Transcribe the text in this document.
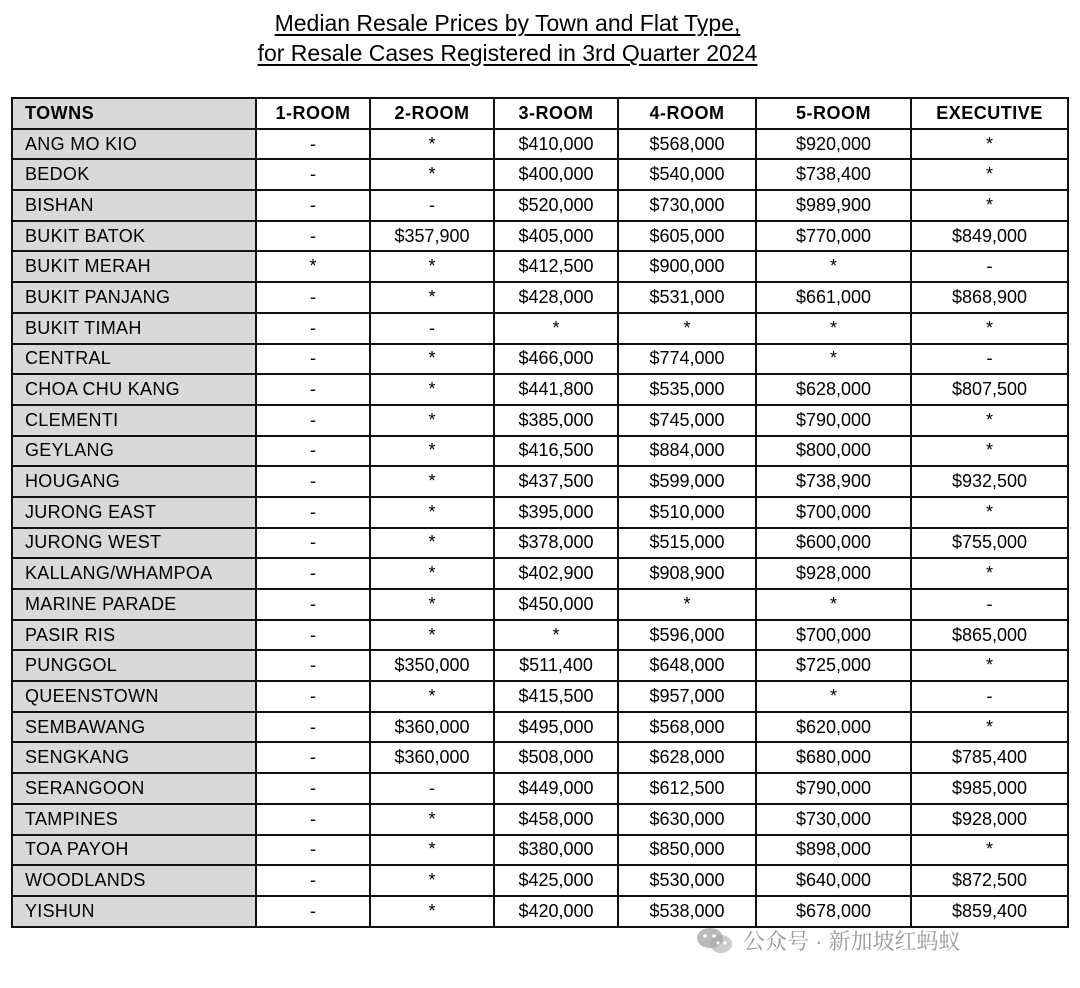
Median Resale Prices by Town and Flat Type,
for Resale Cases Registered in 3rd Quarter 2024
TOWNS	1-ROOM	2-ROOM	3-ROOM	4-ROOM	5-ROOM	EXECUTIVE
ANG MO KIO	-	*	$410,000	$568,000	$920,000	*
BEDOK	-	*	$400,000	$540,000	$738,400	*
BISHAN	-	-	$520,000	$730,000	$989,900	*
BUKIT BATOK	-	$357,900	$405,000	$605,000	$770,000	$849,000
BUKIT MERAH	*	*	$412,500	$900,000	*	-
BUKIT PANJANG	-	*	$428,000	$531,000	$661,000	$868,900
BUKIT TIMAH	-	-	*	*	*	*
CENTRAL	-	*	$466,000	$774,000	*	-
CHOA CHU KANG	-	*	$441,800	$535,000	$628,000	$807,500
CLEMENTI	-	*	$385,000	$745,000	$790,000	*
GEYLANG	-	*	$416,500	$884,000	$800,000	*
HOUGANG	-	*	$437,500	$599,000	$738,900	$932,500
JURONG EAST	-	*	$395,000	$510,000	$700,000	*
JURONG WEST	-	*	$378,000	$515,000	$600,000	$755,000
KALLANG/WHAMPOA	-	*	$402,900	$908,900	$928,000	*
MARINE PARADE	-	*	$450,000	*	*	-
PASIR RIS	-	*	*	$596,000	$700,000	$865,000
PUNGGOL	-	$350,000	$511,400	$648,000	$725,000	*
QUEENSTOWN	-	*	$415,500	$957,000	*	-
SEMBAWANG	-	$360,000	$495,000	$568,000	$620,000	*
SENGKANG	-	$360,000	$508,000	$628,000	$680,000	$785,400
SERANGOON	-	-	$449,000	$612,500	$790,000	$985,000
TAMPINES	-	*	$458,000	$630,000	$730,000	$928,000
TOA PAYOH	-	*	$380,000	$850,000	$898,000	*
WOODLANDS	-	*	$425,000	$530,000	$640,000	$872,500
YISHUN	-	*	$420,000	$538,000	$678,000	$859,400
公众号 · 新加坡红蚂蚁
